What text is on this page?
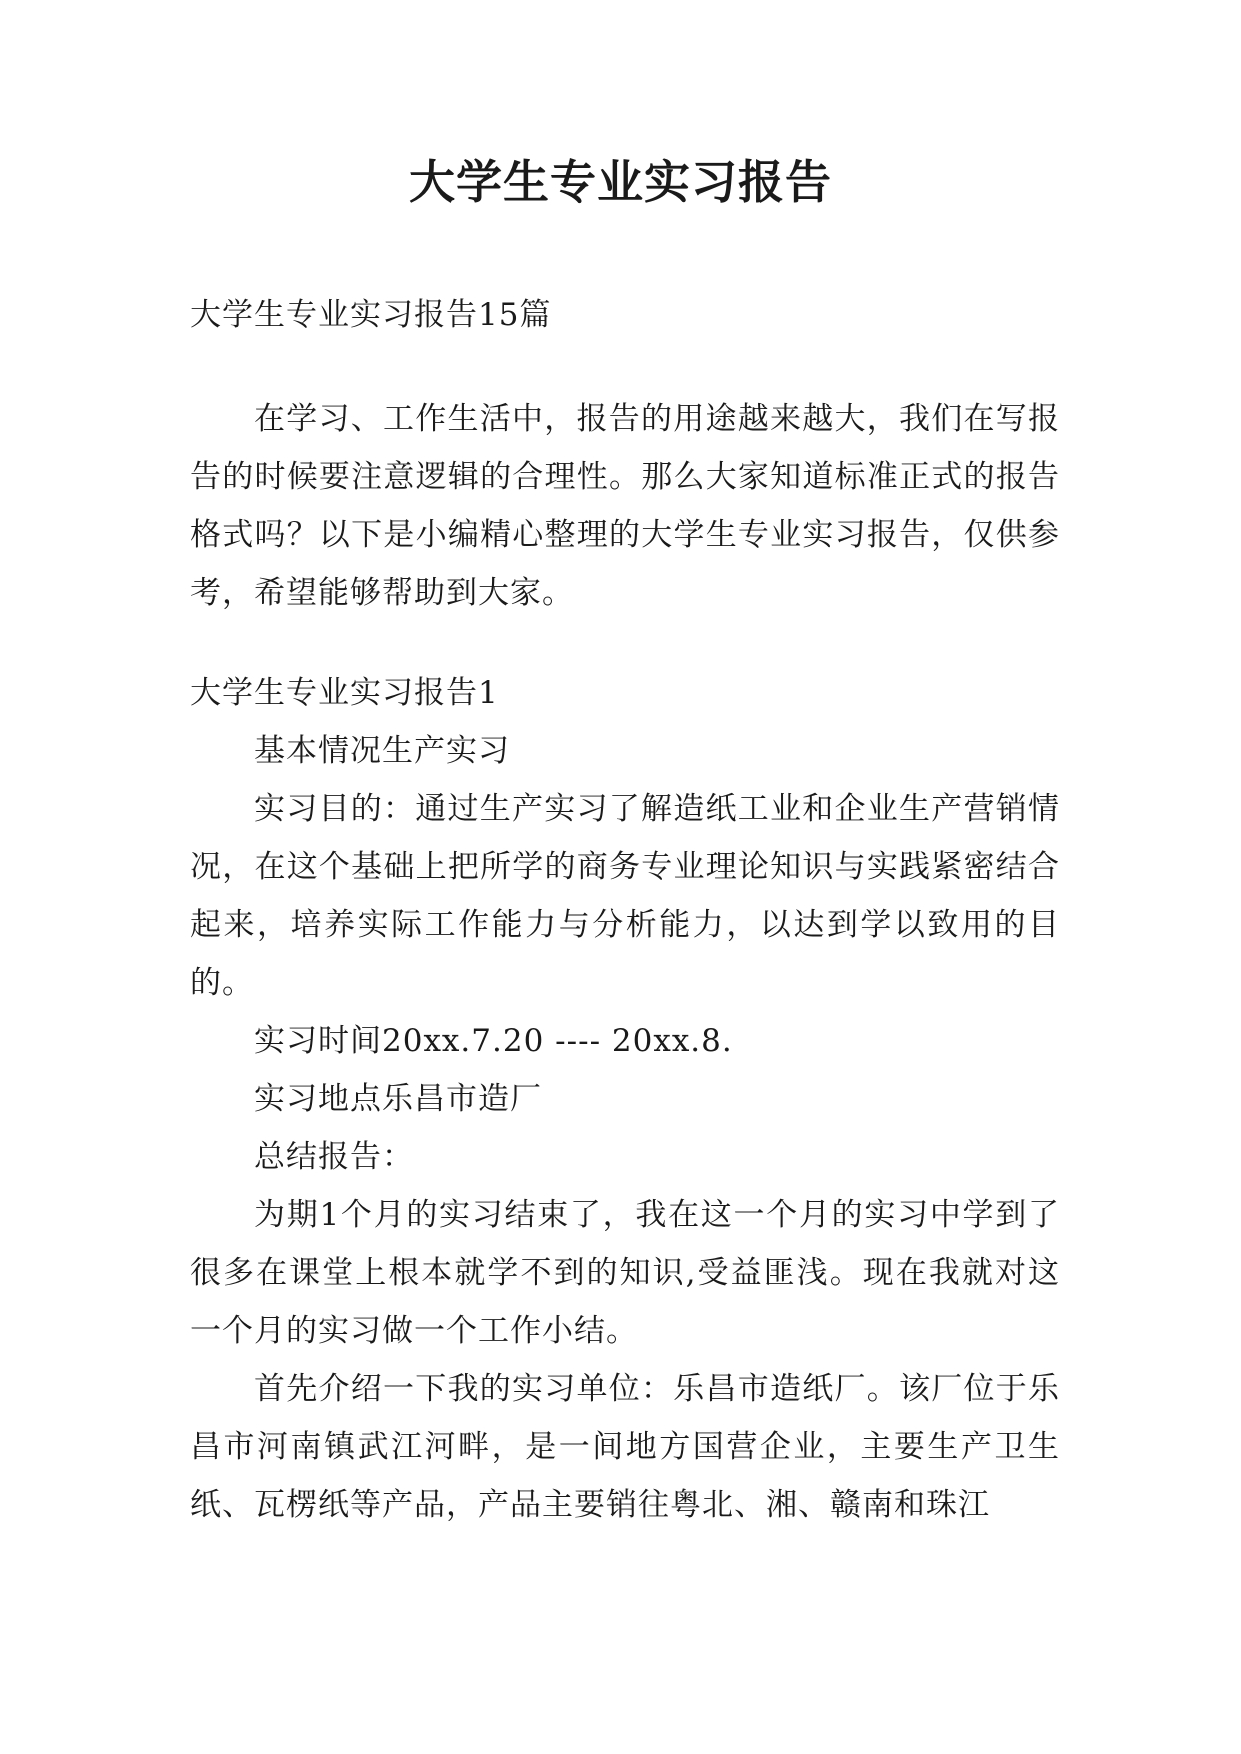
大学生专业实习报告

大学生专业实习报告15篇

在学习、工作生活中，报告的用途越来越大，我们在写报告的时候要注意逻辑的合理性。那么大家知道标准正式的报告格式吗？以下是小编精心整理的大学生专业实习报告，仅供参考，希望能够帮助到大家。

大学生专业实习报告1

基本情况生产实习

实习目的：通过生产实习了解造纸工业和企业生产营销情况，在这个基础上把所学的商务专业理论知识与实践紧密结合起来，培养实际工作能力与分析能力，以达到学以致用的目的。

实习时间20xx.7.20 ---- 20xx.8.

实习地点乐昌市造厂

总结报告：

为期1个月的实习结束了，我在这一个月的实习中学到了很多在课堂上根本就学不到的知识,受益匪浅。现在我就对这一个月的实习做一个工作小结。

首先介绍一下我的实习单位：乐昌市造纸厂。该厂位于乐昌市河南镇武江河畔，是一间地方国营企业，主要生产卫生纸、瓦楞纸等产品，产品主要销往粤北、湘、赣南和珠江
